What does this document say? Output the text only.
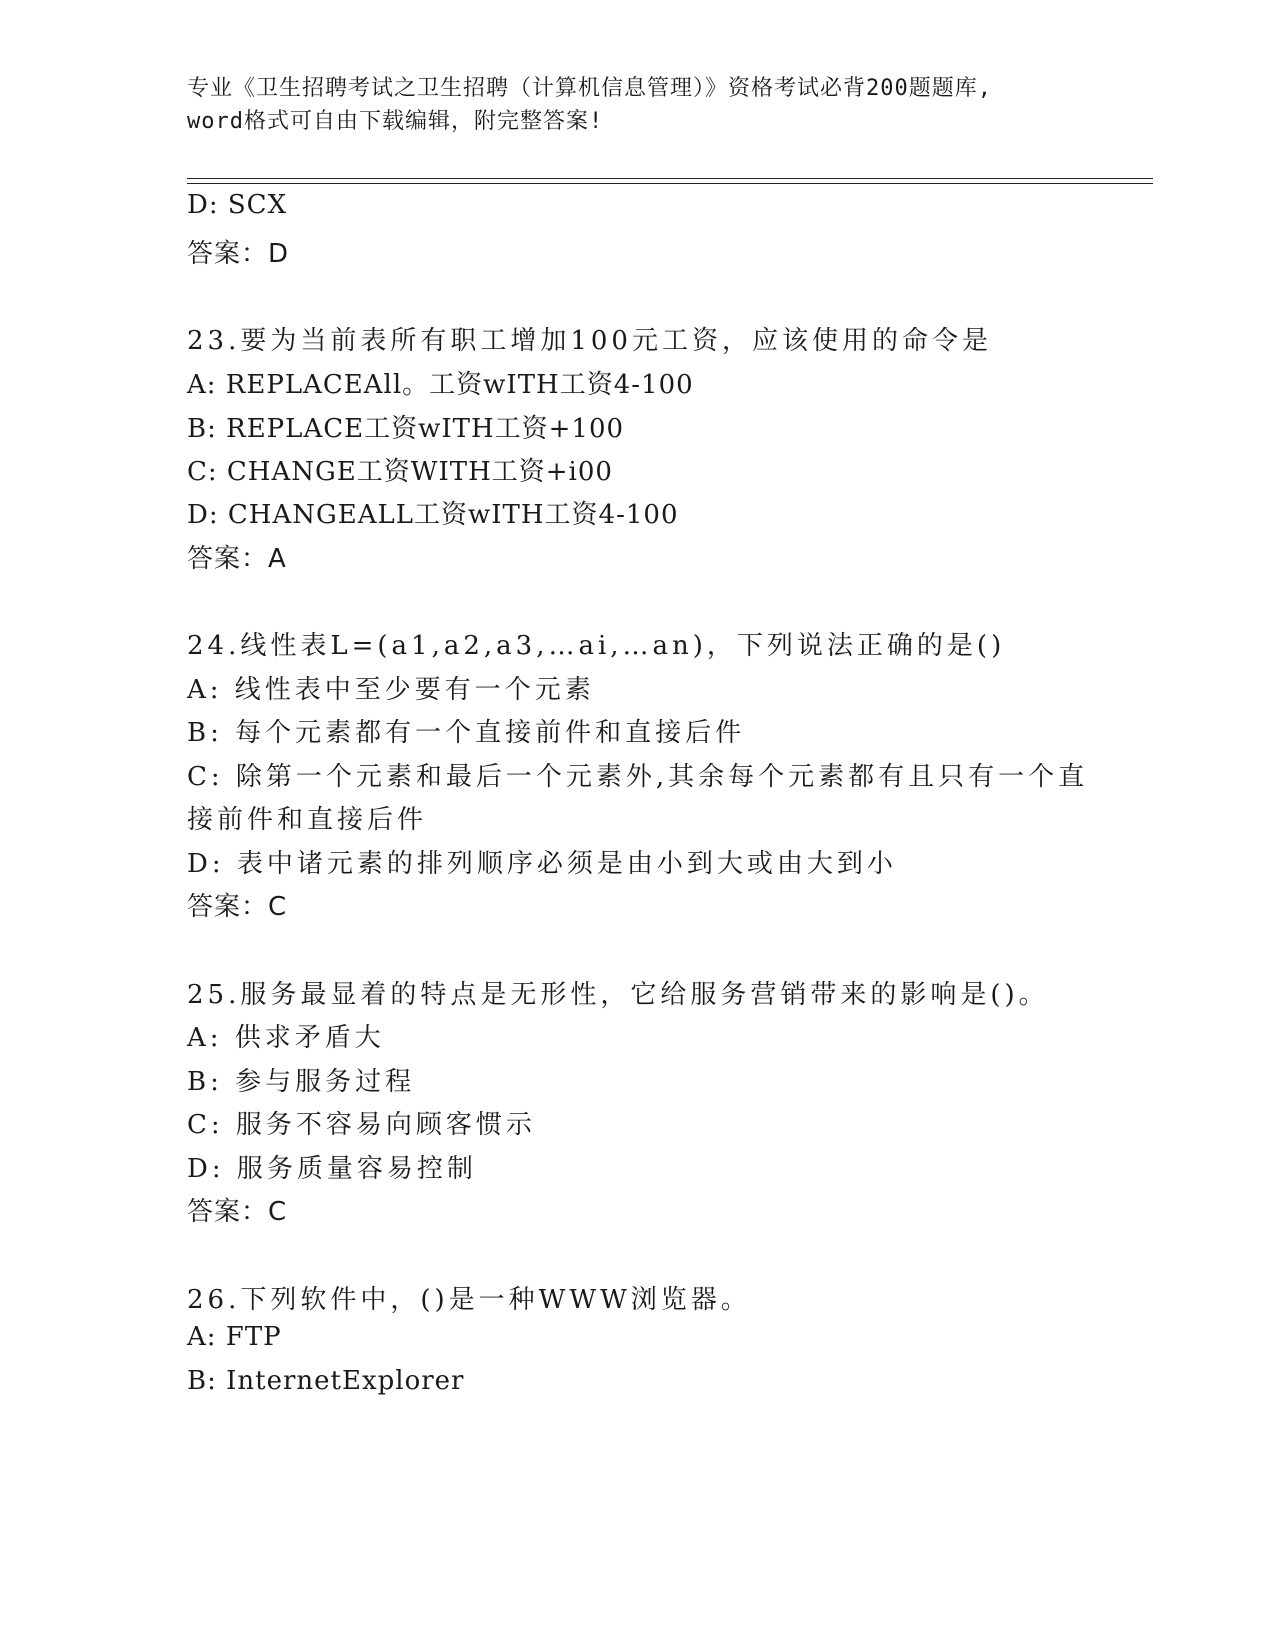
专业《卫生招聘考试之卫生招聘（计算机信息管理）》资格考试必背200题题库,
word格式可自由下载编辑，附完整答案!
D: SCX
答案：D
23.要为当前表所有职工增加100元工资，应该使用的命令是
A: REPLACEAll。工资wITH工资4-100
B: REPLACE工资wITH工资+100
C: CHANGE工资WITH工资+i00
D: CHANGEALL工资wITH工资4-100
答案：A
24.线性表L=(a1,a2,a3,…ai,…an)，下列说法正确的是()
A: 线性表中至少要有一个元素
B: 每个元素都有一个直接前件和直接后件
C: 除第一个元素和最后一个元素外,其余每个元素都有且只有一个直
接前件和直接后件
D: 表中诸元素的排列顺序必须是由小到大或由大到小
答案：C
25.服务最显着的特点是无形性，它给服务营销带来的影响是()。
A: 供求矛盾大
B: 参与服务过程
C: 服务不容易向顾客惯示
D: 服务质量容易控制
答案：C
26.下列软件中，()是一种WWW浏览器。
A: FTP
B: InternetExplorer
